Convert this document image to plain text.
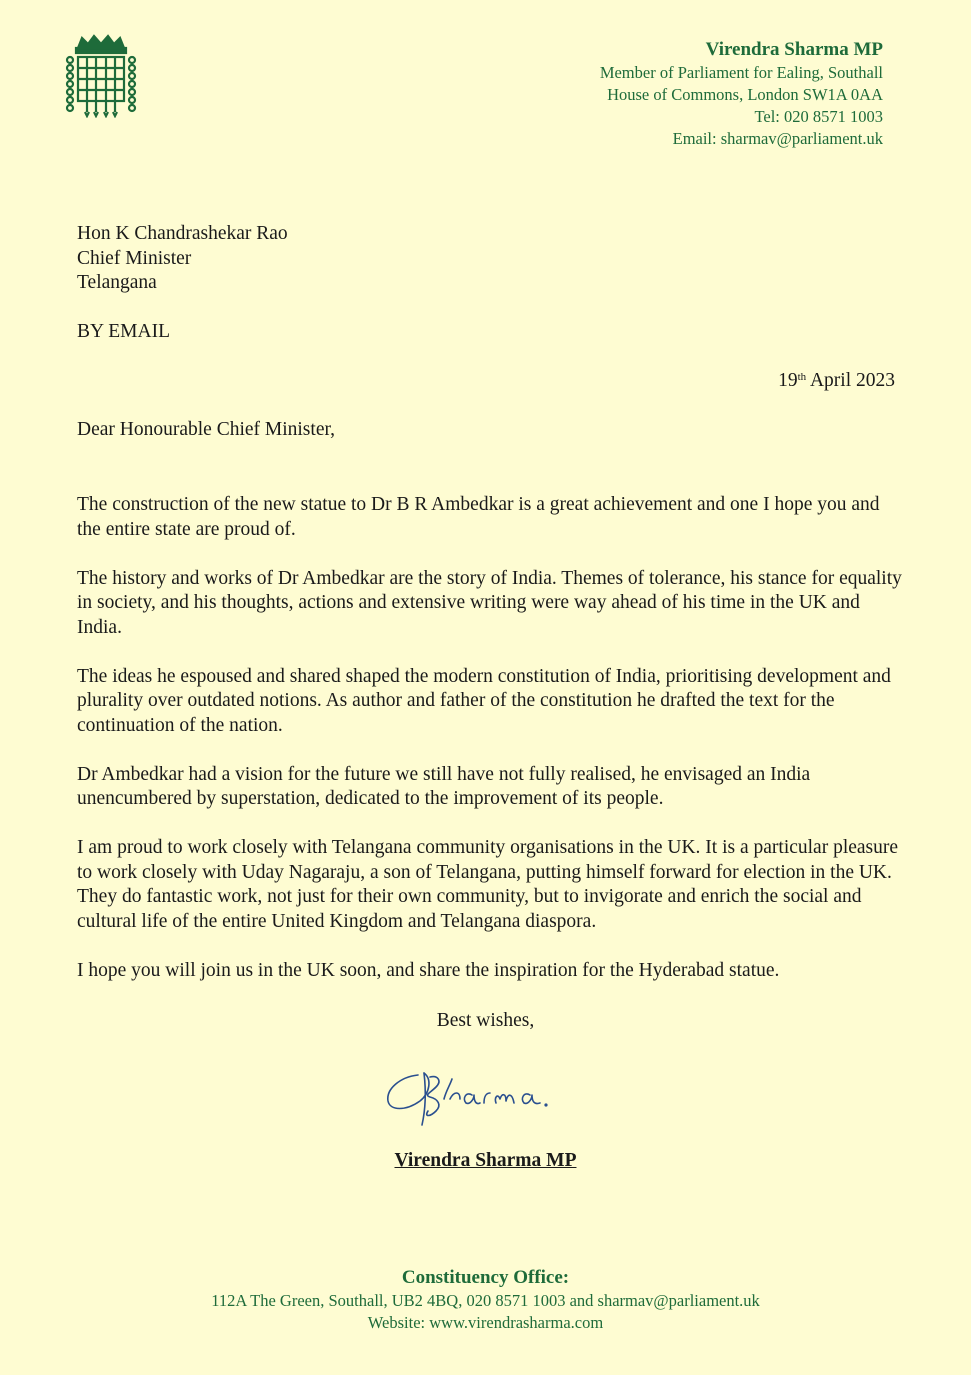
Virendra Sharma MP
Member of Parliament for Ealing, Southall
House of Commons, London SW1A 0AA
Tel: 020 8571 1003
Email: sharmav@parliament.uk
Hon K Chandrashekar Rao
Chief Minister
Telangana
BY EMAIL
19th April 2023
Dear Honourable Chief Minister,

The construction of the new statue to Dr B R Ambedkar is a great achievement and one I hope you and the entire state are proud of.

The history and works of Dr Ambedkar are the story of India. Themes of tolerance, his stance for equality in society, and his thoughts, actions and extensive writing were way ahead of his time in the UK and India.

The ideas he espoused and shared shaped the modern constitution of India, prioritising development and plurality over outdated notions. As author and father of the constitution he drafted the text for the continuation of the nation.

Dr Ambedkar had a vision for the future we still have not fully realised, he envisaged an India unencumbered by superstation, dedicated to the improvement of its people.

I am proud to work closely with Telangana community organisations in the UK. It is a particular pleasure to work closely with Uday Nagaraju, a son of Telangana, putting himself forward for election in the UK. They do fantastic work, not just for their own community, but to invigorate and enrich the social and cultural life of the entire United Kingdom and Telangana diaspora.

I hope you will join us in the UK soon, and share the inspiration for the Hyderabad statue.

Best wishes,
Virendra Sharma MP
Constituency Office:
112A The Green, Southall, UB2 4BQ, 020 8571 1003 and sharmav@parliament.uk
Website: www.virendrasharma.com
